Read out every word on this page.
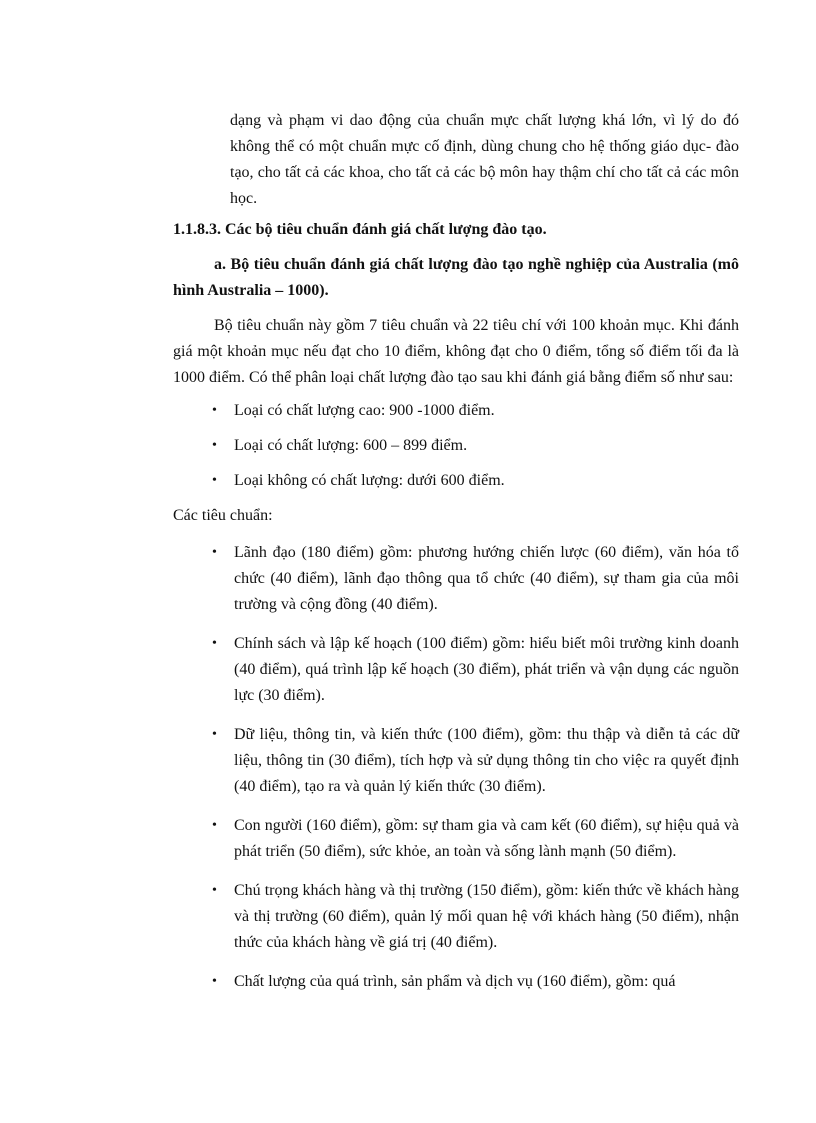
dạng và phạm vi dao động của chuẩn mực chất lượng khá lớn, vì lý do đó không thể có một chuẩn mực cố định, dùng chung cho hệ thống giáo dục- đào tạo, cho tất cả các khoa, cho tất cả các bộ môn hay thậm chí cho tất cả các môn học.

1.1.8.3. Các bộ tiêu chuẩn đánh giá chất lượng đào tạo.

a. Bộ tiêu chuẩn đánh giá chất lượng đào tạo nghề nghiệp của Australia (mô hình Australia – 1000).

Bộ tiêu chuẩn này gồm 7 tiêu chuẩn và 22 tiêu chí với 100 khoản mục. Khi đánh giá một khoản mục nếu đạt cho 10 điểm, không đạt cho 0 điểm, tổng số điểm tối đa là 1000 điểm. Có thể phân loại chất lượng đào tạo sau khi đánh giá bằng điểm số như sau:

• Loại có chất lượng cao: 900 -1000 điểm.
• Loại có chất lượng: 600 – 899 điểm.
• Loại không có chất lượng: dưới 600 điểm.

Các tiêu chuẩn:

• Lãnh đạo (180 điểm) gồm: phương hướng chiến lược (60 điểm), văn hóa tổ chức (40 điểm), lãnh đạo thông qua tổ chức (40 điểm), sự tham gia của môi trường và cộng đồng (40 điểm).
• Chính sách và lập kế hoạch (100 điểm) gồm: hiểu biết môi trường kinh doanh (40 điểm), quá trình lập kế hoạch (30 điểm), phát triển và vận dụng các nguồn lực (30 điểm).
• Dữ liệu, thông tin, và kiến thức (100 điểm), gồm: thu thập và diễn tả các dữ liệu, thông tin (30 điểm), tích hợp và sử dụng thông tin cho việc ra quyết định (40 điểm), tạo ra và quản lý kiến thức (30 điểm).
• Con người (160 điểm), gồm: sự tham gia và cam kết (60 điểm), sự hiệu quả và phát triển (50 điểm), sức khỏe, an toàn và sống lành mạnh (50 điểm).
• Chú trọng khách hàng và thị trường (150 điểm), gồm: kiến thức về khách hàng và thị trường (60 điểm), quản lý mối quan hệ với khách hàng (50 điểm), nhận thức của khách hàng về giá trị (40 điểm).
• Chất lượng của quá trình, sản phẩm và dịch vụ (160 điểm), gồm: quá
